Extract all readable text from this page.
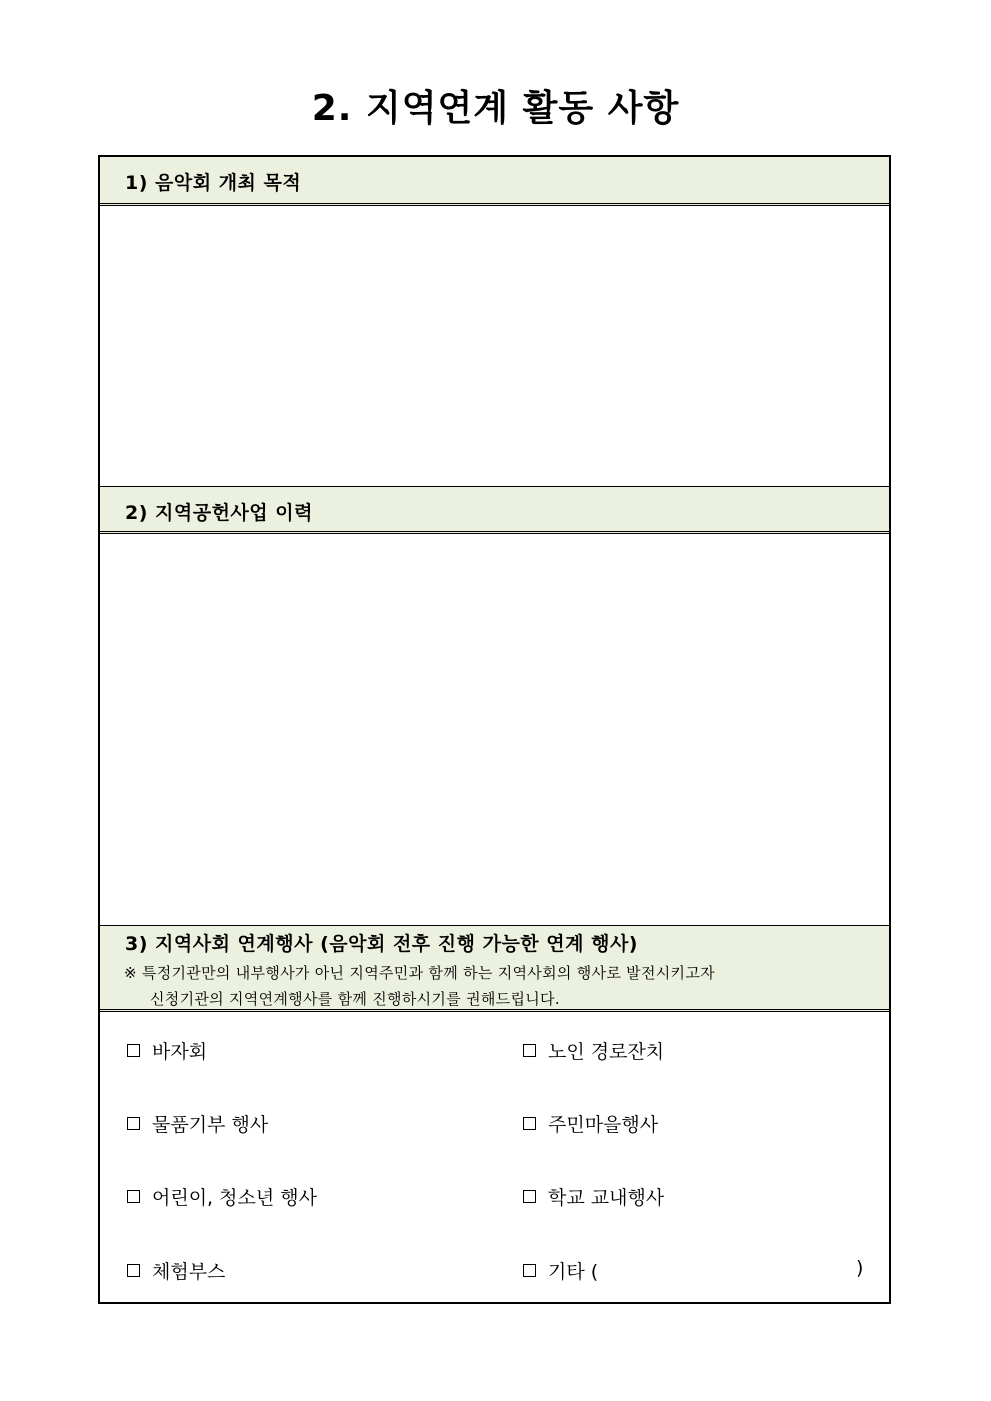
2. 지역연계 활동 사항
1) 음악회 개최 목적
2) 지역공헌사업 이력
3) 지역사회 연계행사 (음악회 전후 진행 가능한 연계 행사)
※ 특정기관만의 내부행사가 아닌 지역주민과 함께 하는 지역사회의 행사로 발전시키고자
신청기관의 지역연계행사를 함께 진행하시기를 권해드립니다.
바자회	노인 경로잔치
물품기부 행사	주민마을행사
어린이, 청소년 행사	학교 교내행사
체험부스	기타 (	)
